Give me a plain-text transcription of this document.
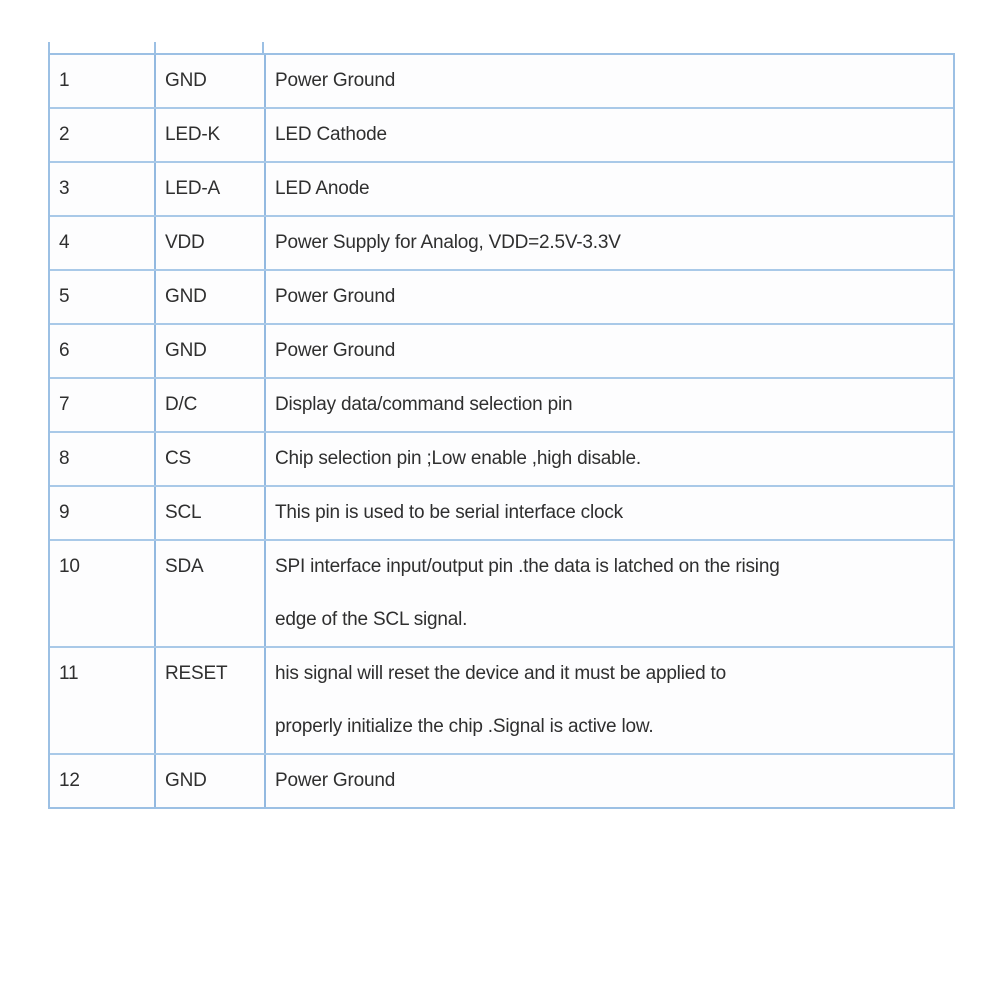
1	GND	Power Ground
2	LED-K	LED Cathode
3	LED-A	LED Anode
4	VDD	Power Supply for Analog, VDD=2.5V-3.3V
5	GND	Power Ground
6	GND	Power Ground
7	D/C	Display data/command selection pin
8	CS	Chip selection pin ;Low enable ,high disable.
9	SCL	This pin is used to be serial interface clock
10	SDA	SPI interface input/output pin .the data is latched on the rising
edge of the SCL signal.
11	RESET	his signal will reset the device and it must be applied to
properly initialize the chip .Signal is active low.
12	GND	Power Ground
